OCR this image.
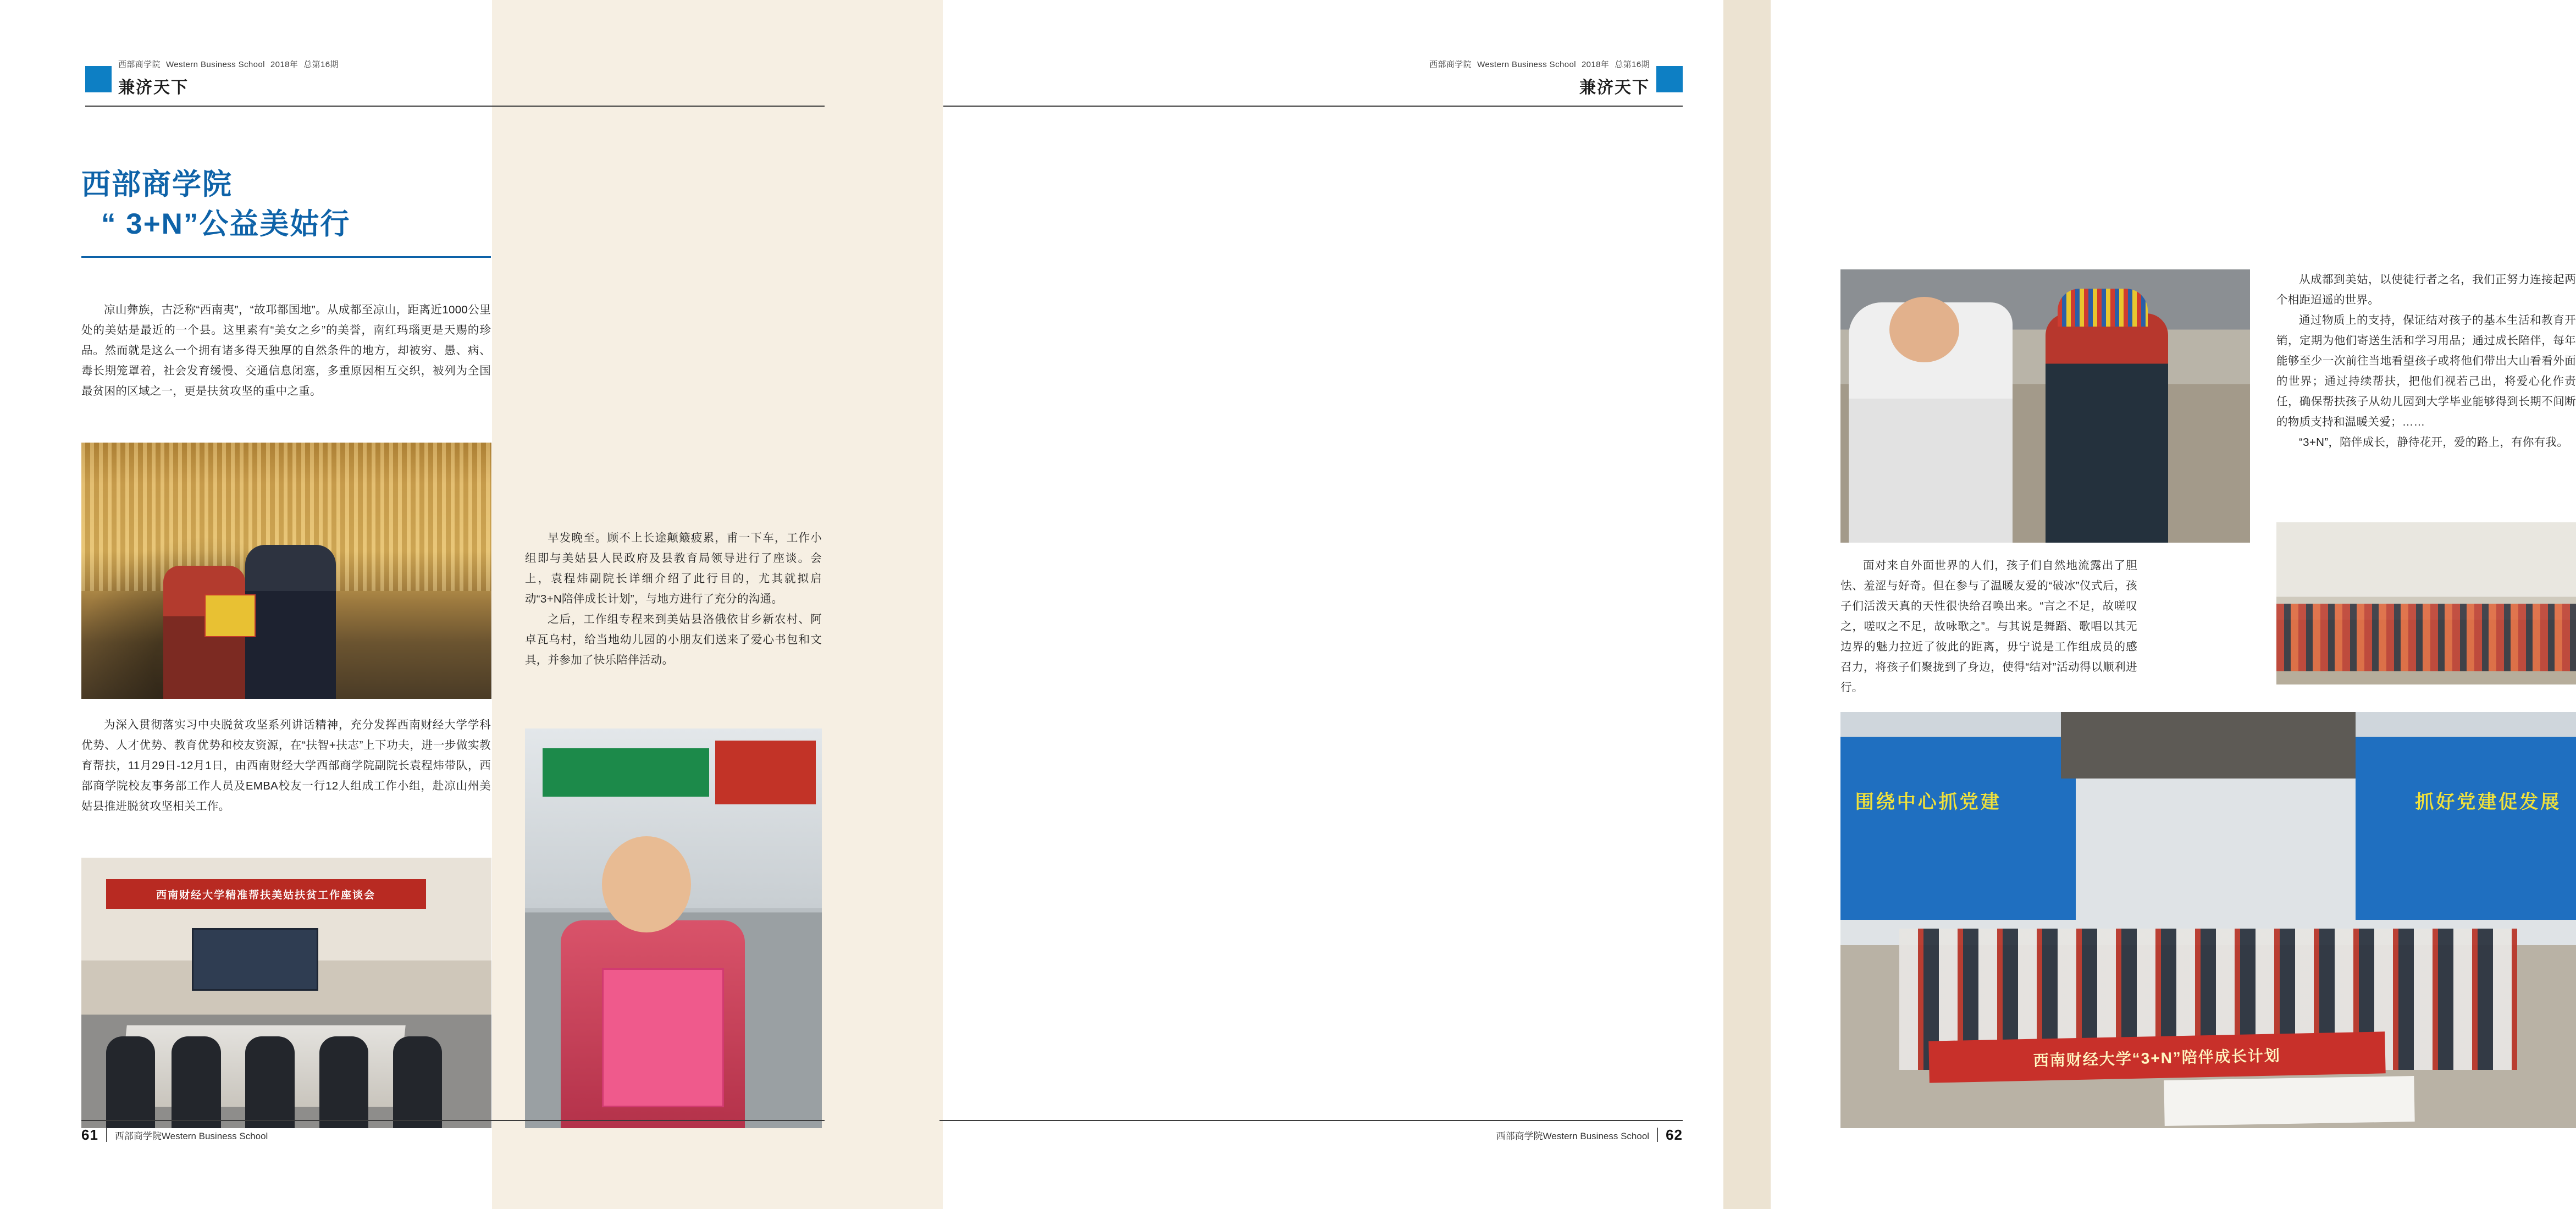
西部商学院 Western Business School 2018年 总第16期
兼济天下
西部商学院
“ 3+N”公益美姑行

凉山彝族，古泛称“西南夷”，“故邛都国地”。从成都至凉山，距离近1000公里处的美姑是最近的一个县。这里素有“美女之乡”的美誉，南红玛瑙更是天赐的珍品。然而就是这么一个拥有诸多得天独厚的自然条件的地方，却被穷、愚、病、毒长期笼罩着，社会发育缓慢、交通信息闭塞，多重原因相互交织，被列为全国最贫困的区域之一，更是扶贫攻坚的重中之重。

为深入贯彻落实习中央脱贫攻坚系列讲话精神，充分发挥西南财经大学学科优势、人才优势、教育优势和校友资源，在“扶智+扶志”上下功夫，进一步做实教育帮扶，11月29日-12月1日，由西南财经大学西部商学院副院长袁程炜带队，西部商学院校友事务部工作人员及EMBA校友一行12人组成工作小组，赴凉山州美姑县推进脱贫攻坚相关工作。

西南财经大学精准帮扶美姑扶贫工作座谈会

早发晚至。顾不上长途颠簸疲累，甫一下车，工作小组即与美姑县人民政府及县教育局领导进行了座谈。会上，袁程炜副院长详细介绍了此行目的，尤其就拟启动“3+N陪伴成长计划”，与地方进行了充分的沟通。

之后，工作组专程来到美姑县洛俄依甘乡新农村、阿卓瓦乌村，给当地幼儿园的小朋友们送来了爱心书包和文具，并参加了快乐陪伴活动。

61 西部商学院Western Business School
西部商学院 Western Business School 2018年 总第16期
兼济天下

面对来自外面世界的人们，孩子们自然地流露出了胆怯、羞涩与好奇。但在参与了温暖友爱的“破冰”仪式后，孩子们活泼天真的天性很快给召唤出来。“言之不足，故嗟叹之，嗟叹之不足，故咏歌之”。与其说是舞蹈、歌唱以其无边界的魅力拉近了彼此的距离，毋宁说是工作组成员的感召力，将孩子们聚拢到了身边，使得“结对”活动得以顺利进行。

从成都到美姑，以使徒行者之名，我们正努力连接起两个相距迢遥的世界。

通过物质上的支持，保证结对孩子的基本生活和教育开销，定期为他们寄送生活和学习用品；通过成长陪伴，每年能够至少一次前往当地看望孩子或将他们带出大山看看外面的世界；通过持续帮扶，把他们视若己出，将爱心化作责任，确保帮扶孩子从幼儿园到大学毕业能够得到长期不间断的物质支持和温暖关爱；……

“3+N”，陪伴成长，静待花开，爱的路上，有你有我。

围绕中心抓党建	抓好党建促发展
西南财经大学“3+N”陪伴成长计划
西部商学院Western Business School 62
